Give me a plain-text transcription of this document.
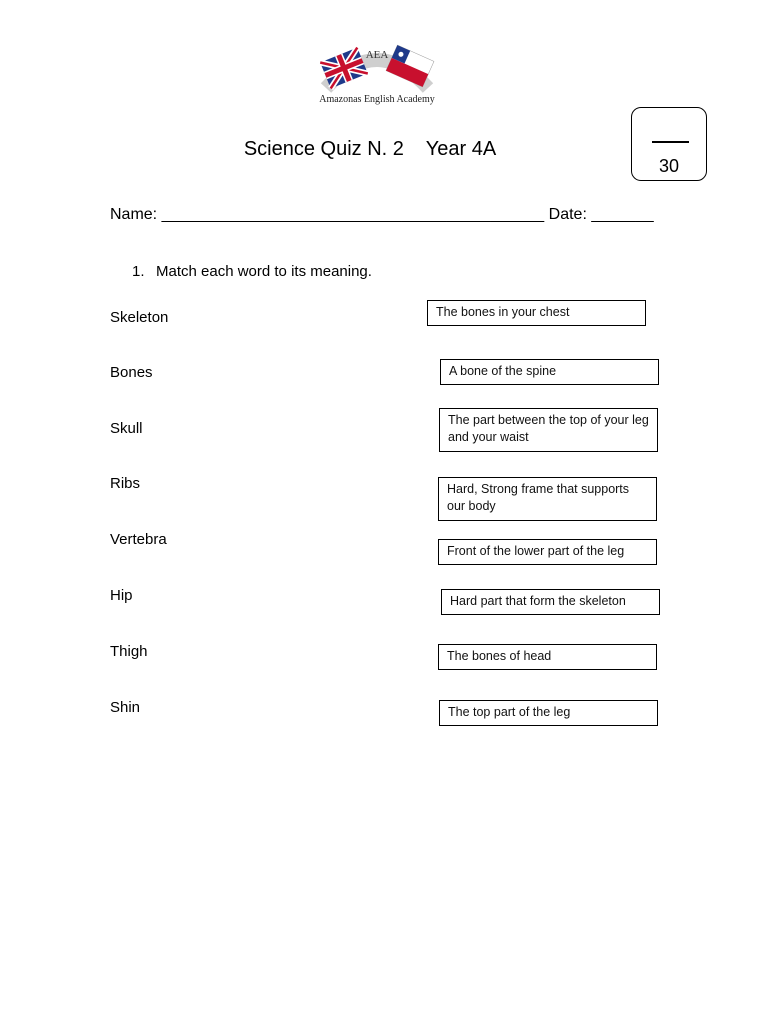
AEA
Amazonas English Academy
Science Quiz N. 2    Year 4A
30
Name: ___________________________________________ Date: _______
1. Match each word to its meaning.
Skeleton
Bones
Skull
Ribs
Vertebra
Hip
Thigh
Shin
The bones in your chest
A bone of the spine
The part between the top of your leg and your waist
Hard, Strong frame that supports our body
Front of the lower part of the leg
Hard part that form the skeleton
The bones of head
The top part of the leg
